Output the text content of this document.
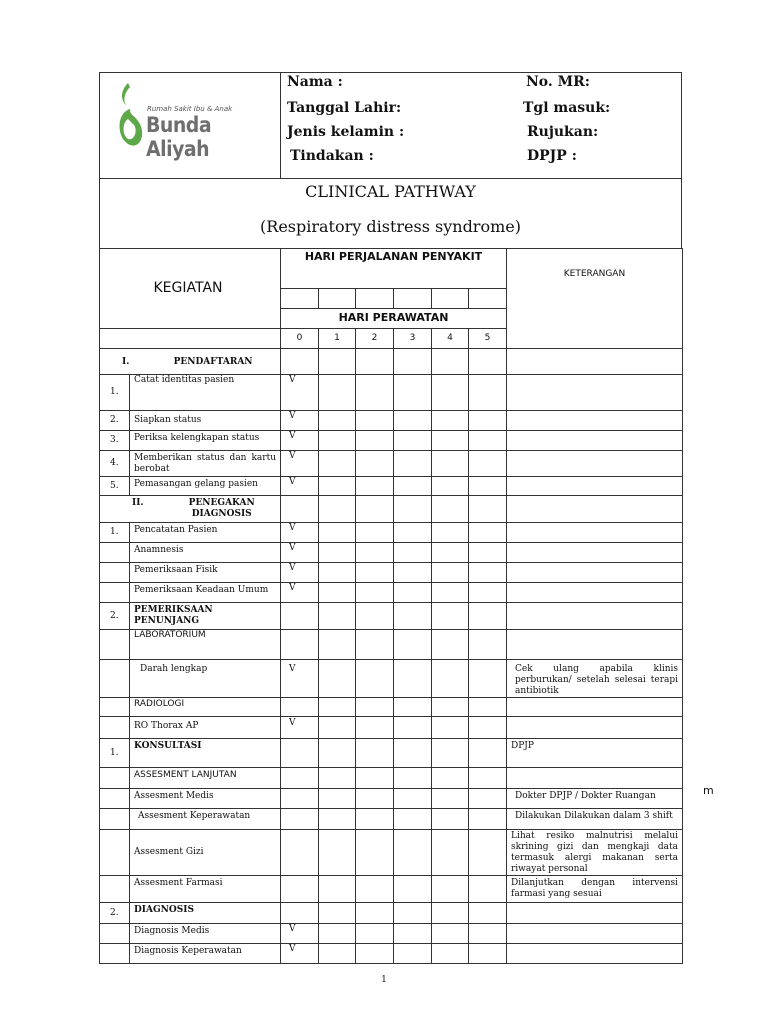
Rumah Sakit Ibu & Anak
Bunda Aliyah
Nama :
Tanggal Lahir:
Jenis kelamin :
Tindakan :
No. MR:
Tgl masuk:
Rujukan:
DPJP :
CLINICAL PATHWAY
(Respiratory distress syndrome)
KEGIATAN		HARI PERJALANAN PENYAKIT						KETERANGAN

		HARI PERAWATAN						
		0	1	2	3	4	5	
I. PENDAFTARAN								
1.	Catat identitas pasien	V						
2.	Siapkan status	V						
3.	Periksa kelengkapan status	V						
4.	Memberikan status dan kartu berobat	V						
5.	Pemasangan gelang pasien	V						
II. PENEGAKAN DIAGNOSIS								
1.	Pencatatan Pasien	V						
	Anamnesis	V						
	Pemeriksaan Fisik	V						
	Pemeriksaan Keadaan Umum	V						
2.	PEMERIKSAAN PENUNJANG							
	LABORATORIUM							
	Darah lengkap	V						Cek ulang apabila klinis perburukan/ setelah selesai terapi antibiotik
	RADIOLOGI							
	RO Thorax AP	V						
1.	KONSULTASI							DPJP
	ASSESMENT LANJUTAN							
	Assesment Medis							Dokter DPJP / Dokter Ruangan
	Assesment Keperawatan							Dilakukan Dilakukan dalam 3 shift
	Assesment Gizi							Lihat resiko malnutrisi melalui skrining gizi dan mengkaji data termasuk alergi makanan serta riwayat personal
	Assesment Farmasi							Dilanjutkan dengan intervensi farmasi yang sesuai
2.	DIAGNOSIS							
	Diagnosis Medis	V						
	Diagnosis Keperawatan	V						
m
1
